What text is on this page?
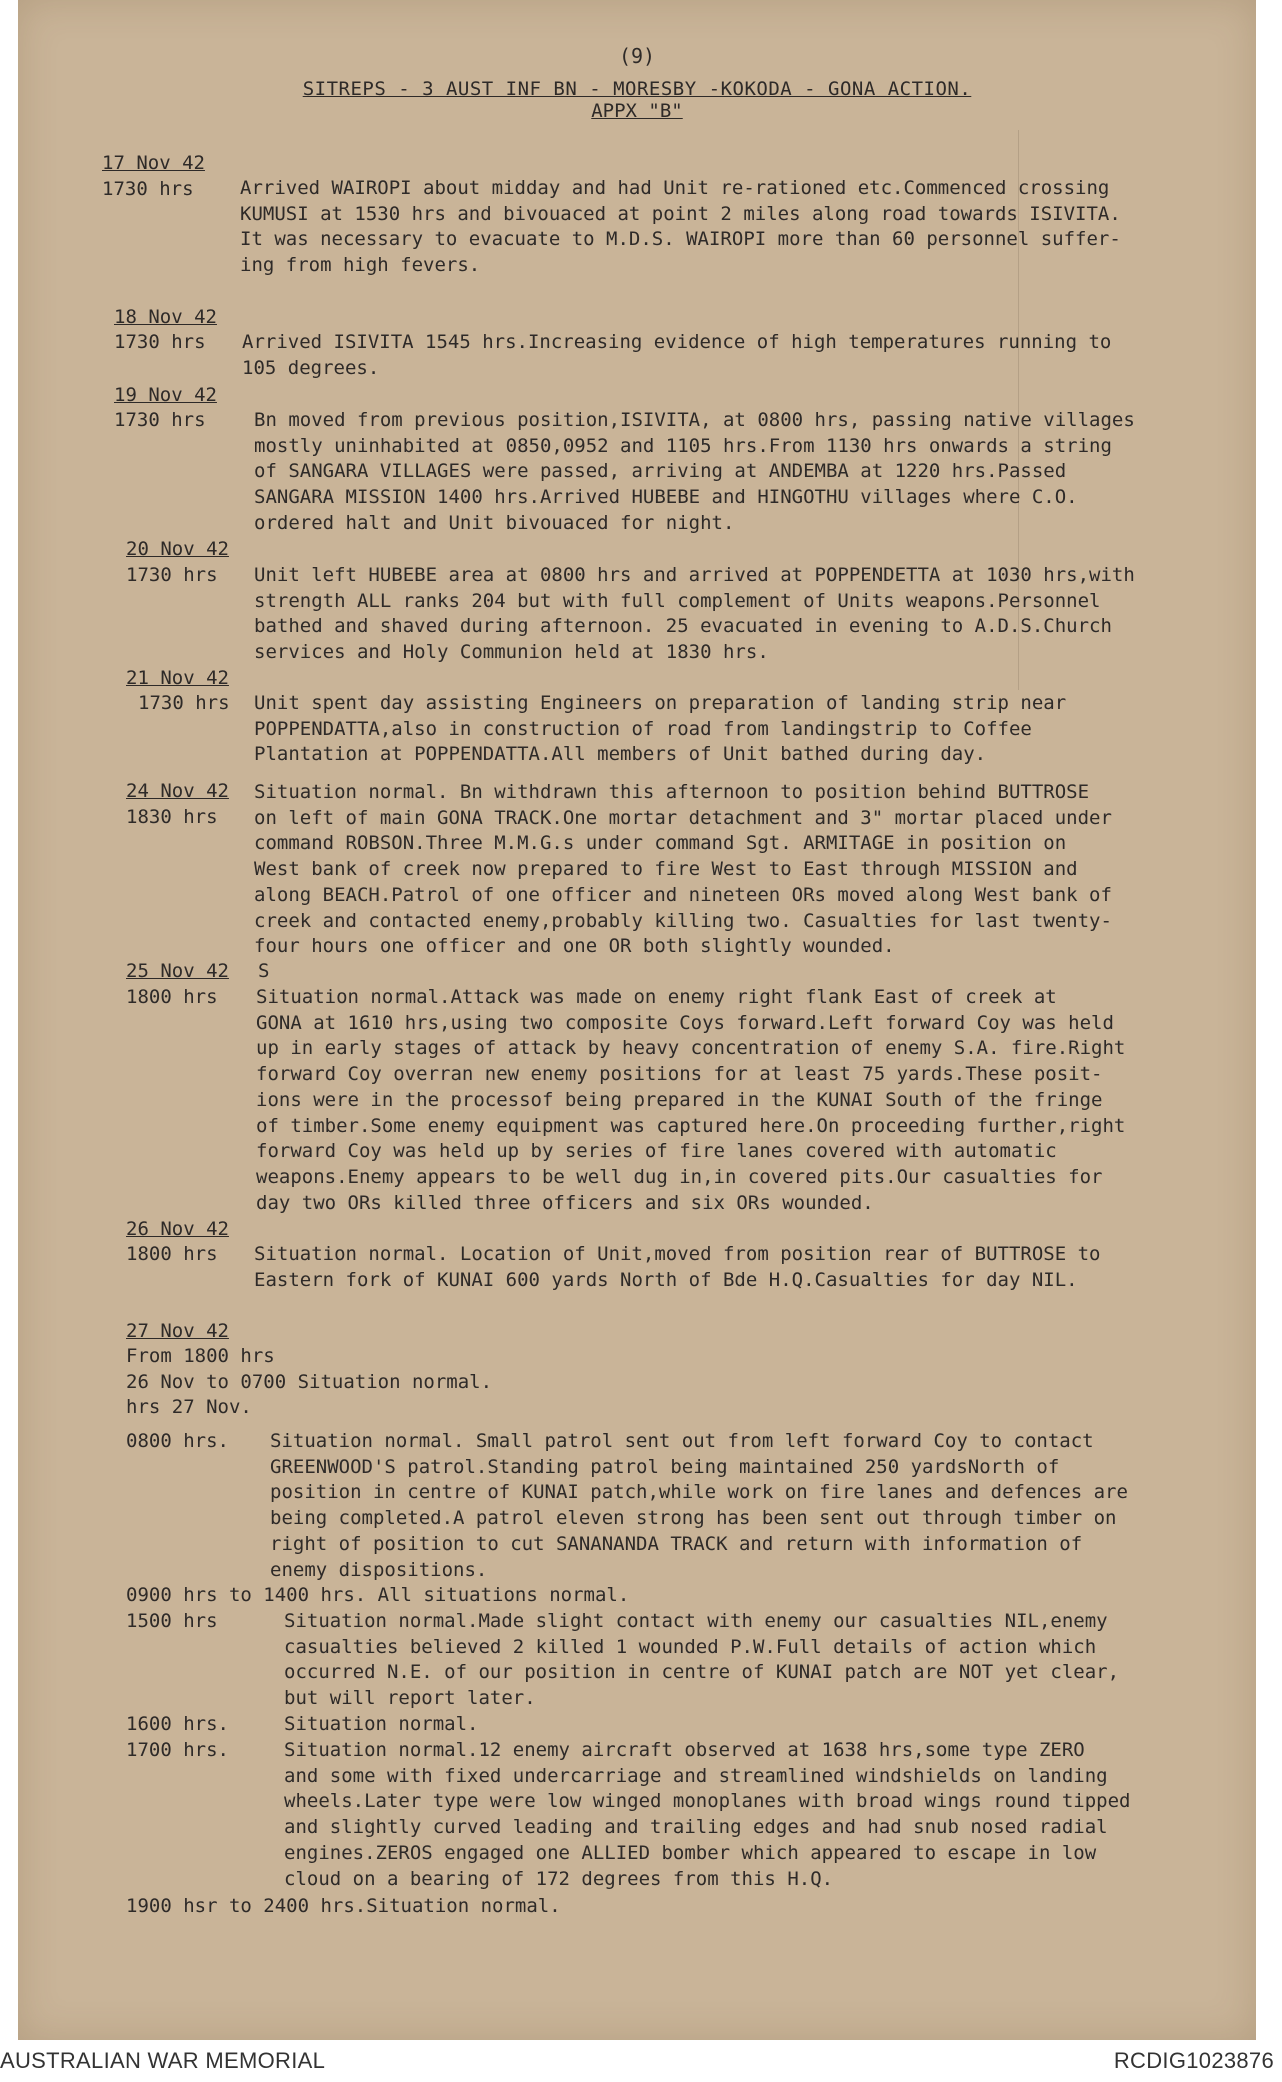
(9)
SITREPS - 3 AUST INF BN - MORESBY -KOKODA - GONA ACTION.
APPX "B"
17 Nov 42
1730 hrs Arrived WAIROPI about midday and had Unit re-rationed etc.Commenced crossing
KUMUSI at 1530 hrs and bivouaced at point 2 miles along road towards ISIVITA.
It was necessary to evacuate to M.D.S. WAIROPI more than 60 personnel suffer-
ing from high fevers.
18 Nov 42
1730 hrs Arrived ISIVITA 1545 hrs.Increasing evidence of high temperatures running to
105 degrees.
19 Nov 42
1730 hrs	Bn moved from previous position,ISIVITA, at 0800 hrs, passing native villages
mostly uninhabited at 0850,0952 and 1105 hrs.From 1130 hrs onwards a string
of SANGARA VILLAGES were passed, arriving at ANDEMBA at 1220 hrs.Passed
SANGARA MISSION 1400 hrs.Arrived HUBEBE and HINGOTHU villages where C.O.
ordered halt and Unit bivouaced for night.
20 Nov 42
1730 hrs Unit left HUBEBE area at 0800 hrs and arrived at POPPENDETTA at 1030 hrs,with
strength ALL ranks 204 but with full complement of Units weapons.Personnel
bathed and shaved during afternoon. 25 evacuated in evening to A.D.S.Church
services and Holy Communion held at 1830 hrs.
21 Nov 42
1730 hrs Unit spent day assisting Engineers on preparation of landing strip near
POPPENDATTA,also in construction of road from landingstrip to Coffee
Plantation at POPPENDATTA.All members of Unit bathed during day.
24 Nov 42
1830 hrs
Situation normal. Bn withdrawn this afternoon to position behind BUTTROSE
on left of main GONA TRACK.One mortar detachment and 3" mortar placed under
command ROBSON.Three M.M.G.s under command Sgt. ARMITAGE in position on
West bank of creek now prepared to fire West to East through MISSION and
along BEACH.Patrol of one officer and nineteen ORs moved along West bank of
creek and contacted enemy,probably killing two. Casualties for last twenty-
four hours one officer and one OR both slightly wounded.
25 Nov 42 S
1800 hrs Situation normal.Attack was made on enemy right flank East of creek at
GONA at 1610 hrs,using two composite Coys forward.Left forward Coy was held
up in early stages of attack by heavy concentration of enemy S.A. fire.Right
forward Coy overran new enemy positions for at least 75 yards.These posit-
ions were in the processof being prepared in the KUNAI South of the fringe
of timber.Some enemy equipment was captured here.On proceeding further,right
forward Coy was held up by series of fire lanes covered with automatic
weapons.Enemy appears to be well dug in,in covered pits.Our casualties for
day two ORs killed three officers and six ORs wounded.
26 Nov 42
1800 hrs Situation normal. Location of Unit,moved from position rear of BUTTROSE to
Eastern fork of KUNAI 600 yards North of Bde H.Q.Casualties for day NIL.
27 Nov 42
From 1800 hrs
26 Nov to 0700 Situation normal.
hrs 27 Nov.
0800 hrs. Situation normal. Small patrol sent out from left forward Coy to contact
GREENWOOD'S patrol.Standing patrol being maintained 250 yardsNorth of
position in centre of KUNAI patch,while work on fire lanes and defences are
being completed.A patrol eleven strong has been sent out through timber on
right of position to cut SANANANDA TRACK and return with information of
enemy dispositions.
0900 hrs to 1400 hrs. All situations normal.
1500 hrs	Situation normal.Made slight contact with enemy our casualties NIL,enemy
casualties believed 2 killed 1 wounded P.W.Full details of action which
occurred N.E. of our position in centre of KUNAI patch are NOT yet clear,
but will report later.
1600 hrs.	Situation normal.
1700 hrs.	Situation normal.12 enemy aircraft observed at 1638 hrs,some type ZERO
and some with fixed undercarriage and streamlined windshields on landing
wheels.Later type were low winged monoplanes with broad wings round tipped
and slightly curved leading and trailing edges and had snub nosed radial
engines.ZEROS engaged one ALLIED bomber which appeared to escape in low
cloud on a bearing of 172 degrees from this H.Q.
1900 hsr to 2400 hrs.Situation normal.
AUSTRALIAN WAR MEMORIAL	RCDIG1023876
